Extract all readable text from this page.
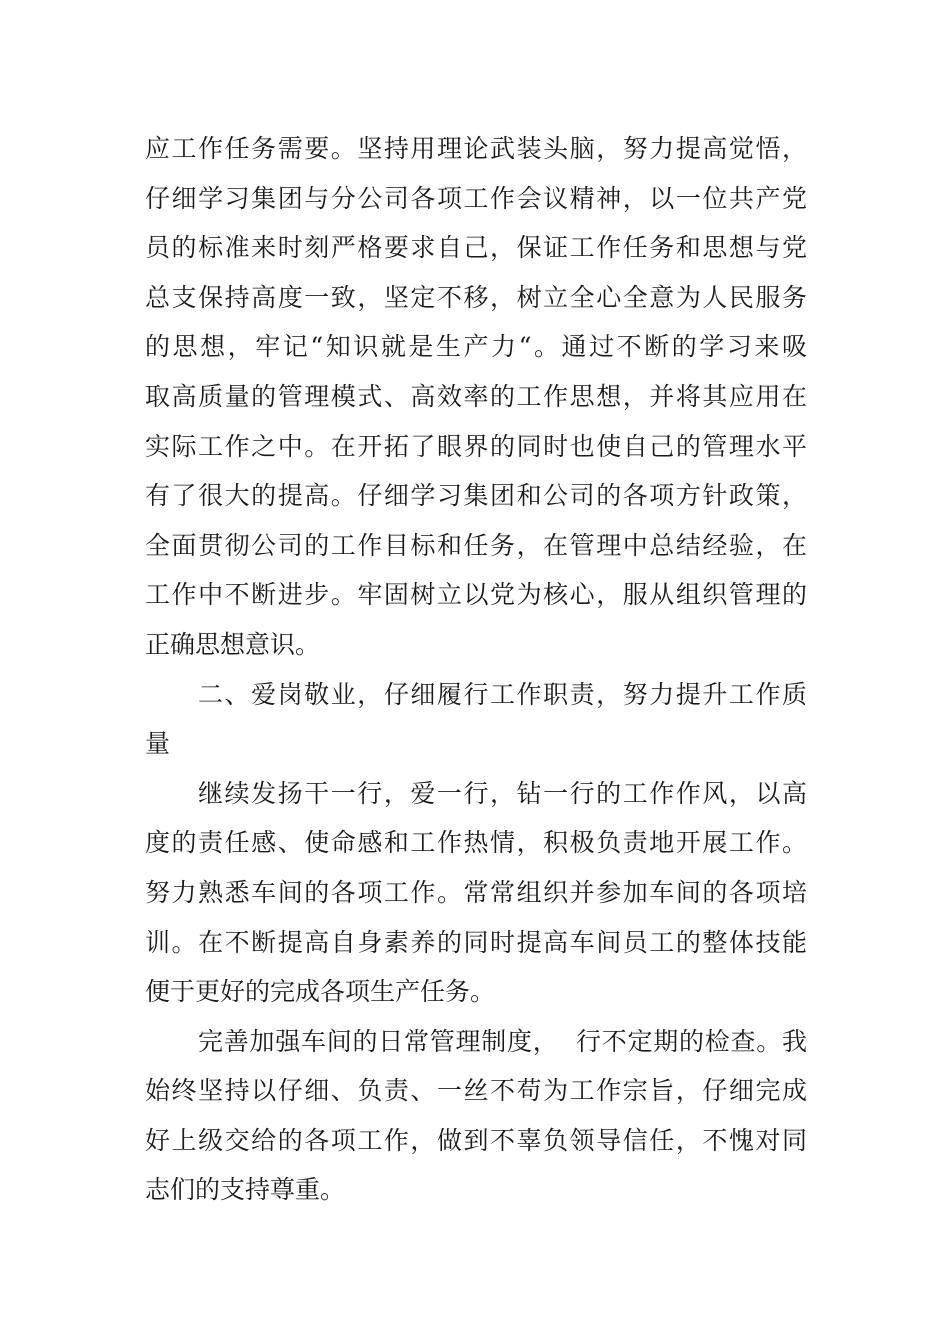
应工作任务需要。坚持用理论武装头脑，努力提高觉悟，
仔细学习集团与分公司各项工作会议精神，以一位共产党
员的标准来时刻严格要求自己，保证工作任务和思想与党
总支保持高度一致，坚定不移，树立全心全意为人民服务
的思想，牢记“知识就是生产力“。通过不断的学习来吸
取高质量的管理模式、高效率的工作思想，并将其应用在
实际工作之中。在开拓了眼界的同时也使自己的管理水平
有了很大的提高。仔细学习集团和公司的各项方针政策，
全面贯彻公司的工作目标和任务，在管理中总结经验，在
工作中不断进步。牢固树立以党为核心，服从组织管理的
正确思想意识。
二、爱岗敬业，仔细履行工作职责，努力提升工作质
量
继续发扬干一行，爱一行，钻一行的工作作风，以高
度的责任感、使命感和工作热情，积极负责地开展工作。
努力熟悉车间的各项工作。常常组织并参加车间的各项培
训。在不断提高自身素养的同时提高车间员工的整体技能
便于更好的完成各项生产任务。
完善加强车间的日常管理制度，  行不定期的检查。我
始终坚持以仔细、负责、一丝不苟为工作宗旨，仔细完成
好上级交给的各项工作，做到不辜负领导信任，不愧对同
志们的支持尊重。
